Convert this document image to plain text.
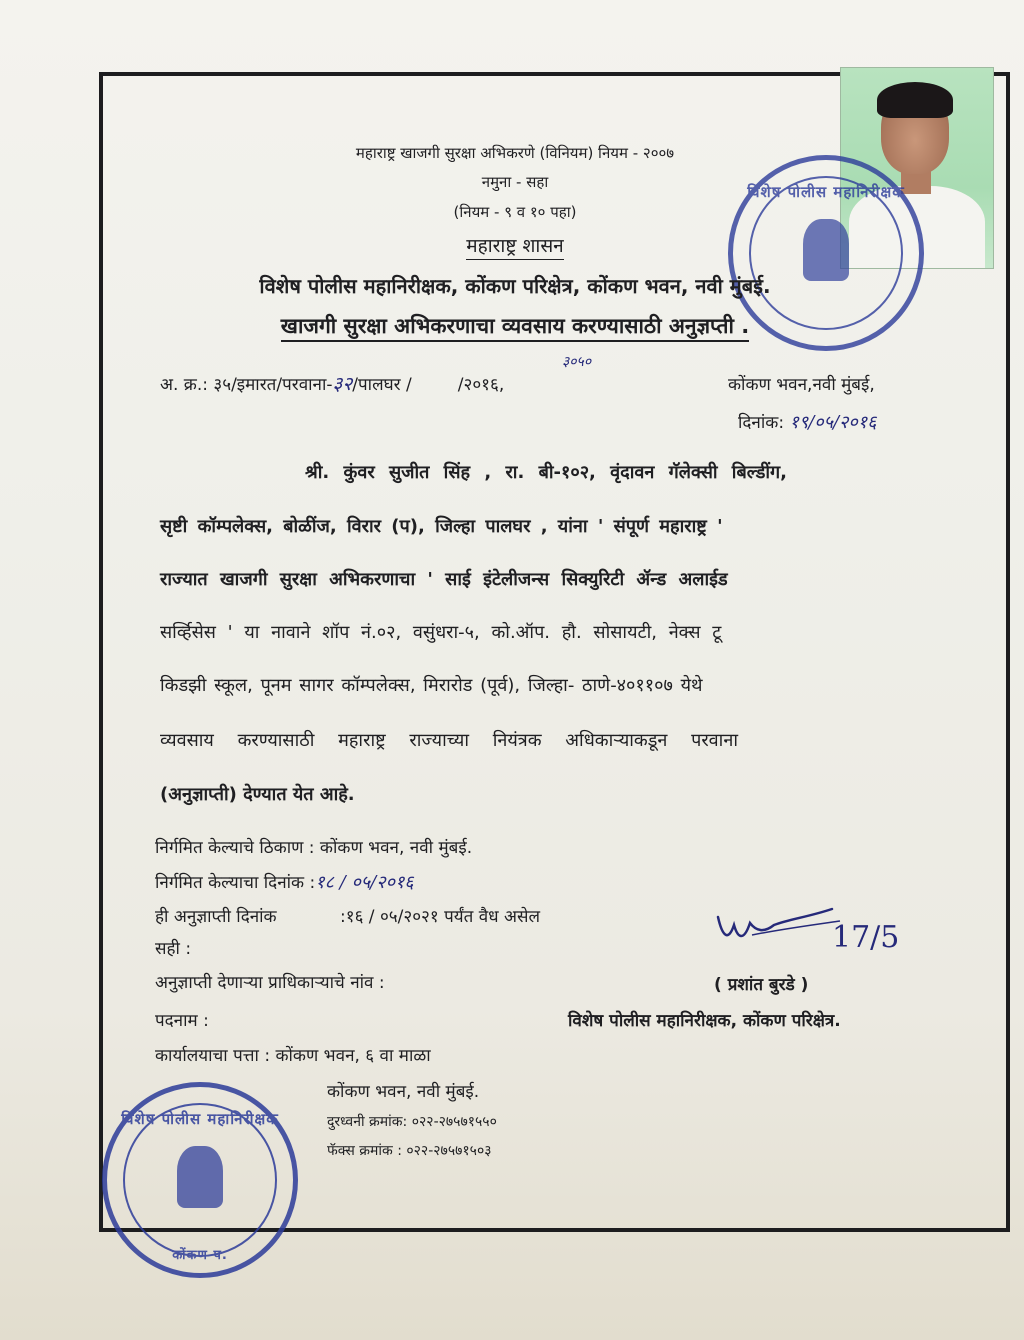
विशेष पोलीस महानिरीक्षक
महाराष्ट्र खाजगी सुरक्षा अभिकरणे (विनियम) नियम - २००७
नमुना - सहा
(नियम - ९ व १० पहा)
महाराष्ट्र शासन
विशेष पोलीस महानिरीक्षक, कोंकण परिक्षेत्र, कोंकण भवन, नवी मुंबई.
खाजगी सुरक्षा अभिकरणाचा व्यवसाय करण्यासाठी अनुज्ञप्ती .
अ. क्र.: ३५/इमारत/परवाना-३२/पालघर /	/२०१६,
३०५०
कोंकण भवन,नवी मुंबई,
दिनांक: १९/०५/२०१६
श्री. कुंवर सुजीत सिंह , रा. बी-१०२, वृंदावन गॅलेक्सी बिल्डींग,
सृष्टी कॉम्पलेक्स, बोळींज, विरार (प), जिल्हा पालघर , यांना ' संपूर्ण महाराष्ट्र '
राज्यात खाजगी सुरक्षा अभिकरणाचा ' साई इंटेलीजन्स सिक्युरिटी ॲन्ड अलाईड
सर्व्हिसेस ' या नावाने शॉप नं.०२, वसुंधरा-५, को.ऑप. हौ. सोसायटी, नेक्स टू
किडझी स्कूल, पूनम सागर कॉम्पलेक्स, मिरारोड (पूर्व), जिल्हा- ठाणे-४०११०७ येथे
व्यवसाय करण्यासाठी महाराष्ट्र राज्याच्या नियंत्रक अधिकाऱ्याकडून परवाना
(अनुज्ञाप्ती) देण्यात येत आहे.
निर्गमित केल्याचे ठिकाण : कोंकण भवन, नवी मुंबई.
निर्गमित केल्याचा दिनांक :१८ / ०५/२०१६
ही अनुज्ञाप्ती दिनांक	:१६ / ०५/२०२१ पर्यंत वैध असेल
सही :	17/5
अनुज्ञाप्ती देणाऱ्या प्राधिकाऱ्याचे नांव :	( प्रशांत बुरडे )
पदनाम :	विशेष पोलीस महानिरीक्षक, कोंकण परिक्षेत्र.
कार्यालयाचा पत्ता : कोंकण भवन, ६ वा माळा
कोंकण भवन, नवी मुंबई.
दुरध्वनी क्रमांक: ०२२-२७५७१५५०
फॅक्स क्रमांक : ०२२-२७५७१५०३
विशेष पोलीस महानिरीक्षक
कोंकण प.
